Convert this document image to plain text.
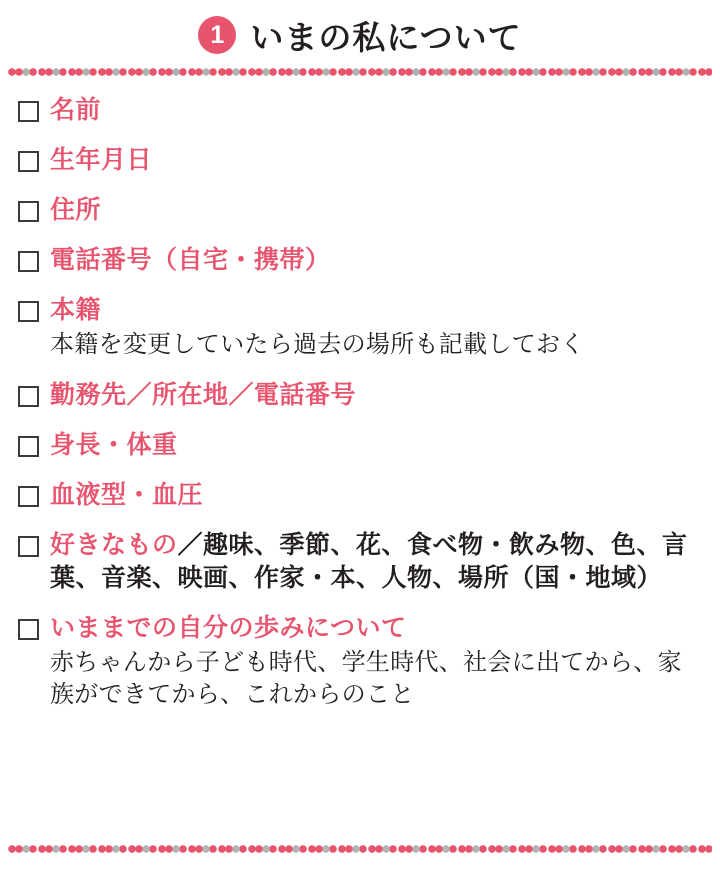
1 いまの私について
名前
生年月日
住所
電話番号（自宅・携帯）
本籍
本籍を変更していたら過去の場所も記載しておく
勤務先／所在地／電話番号
身長・体重
血液型・血圧
好きなもの／趣味、季節、花、食べ物・飲み物、色、言葉、音楽、映画、作家・本、人物、場所（国・地域）
いままでの自分の歩みについて
赤ちゃんから子ども時代、学生時代、社会に出てから、家族ができてから、これからのこと
